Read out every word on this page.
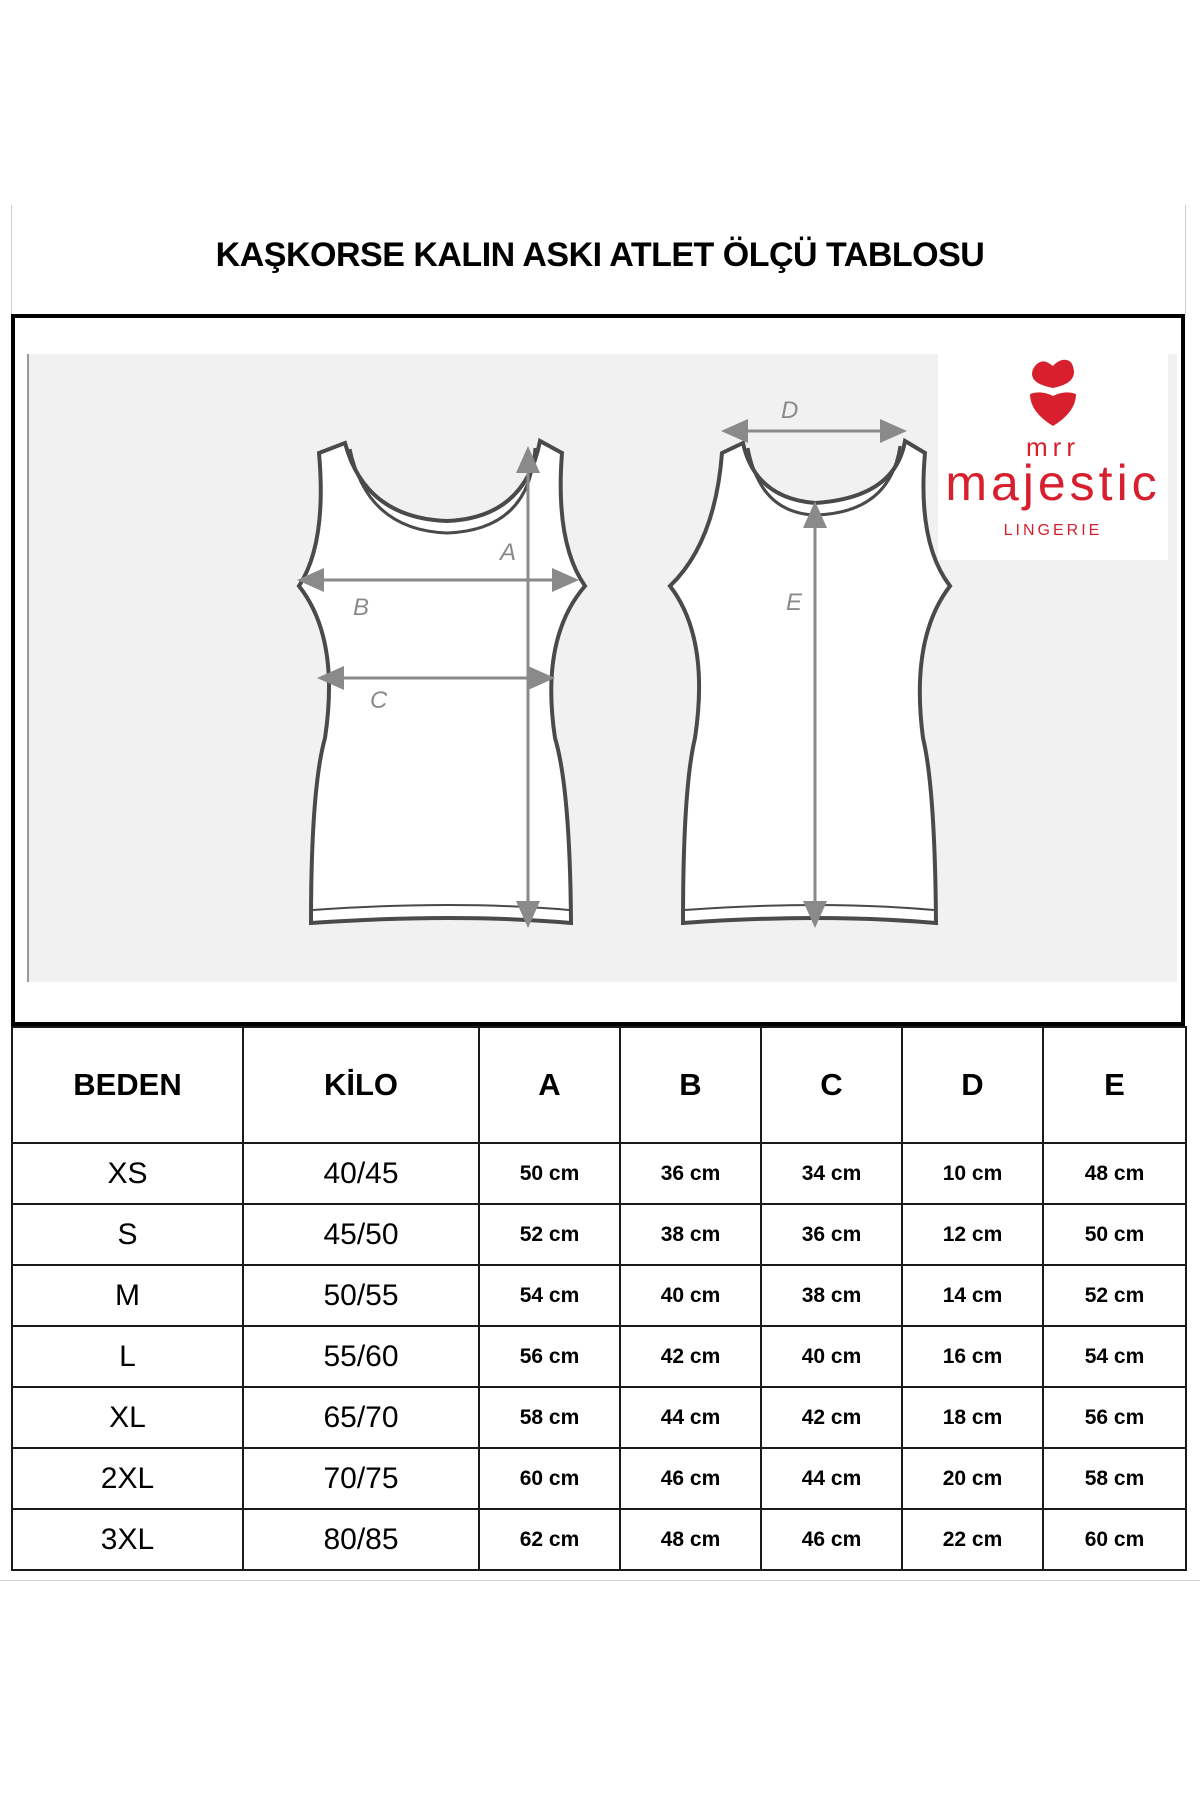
KAŞKORSE KALIN ASKI ATLET ÖLÇÜ TABLOSU
A
B
C
D
E
mrr
majestic
LINGERIE
BEDEN	KİLO	A	B	C	D	E
XS	40/45	50 cm	36 cm	34 cm	10 cm	48 cm
S	45/50	52 cm	38 cm	36 cm	12 cm	50 cm
M	50/55	54 cm	40 cm	38 cm	14 cm	52 cm
L	55/60	56 cm	42 cm	40 cm	16 cm	54 cm
XL	65/70	58 cm	44 cm	42 cm	18 cm	56 cm
2XL	70/75	60 cm	46 cm	44 cm	20 cm	58 cm
3XL	80/85	62 cm	48 cm	46 cm	22 cm	60 cm
